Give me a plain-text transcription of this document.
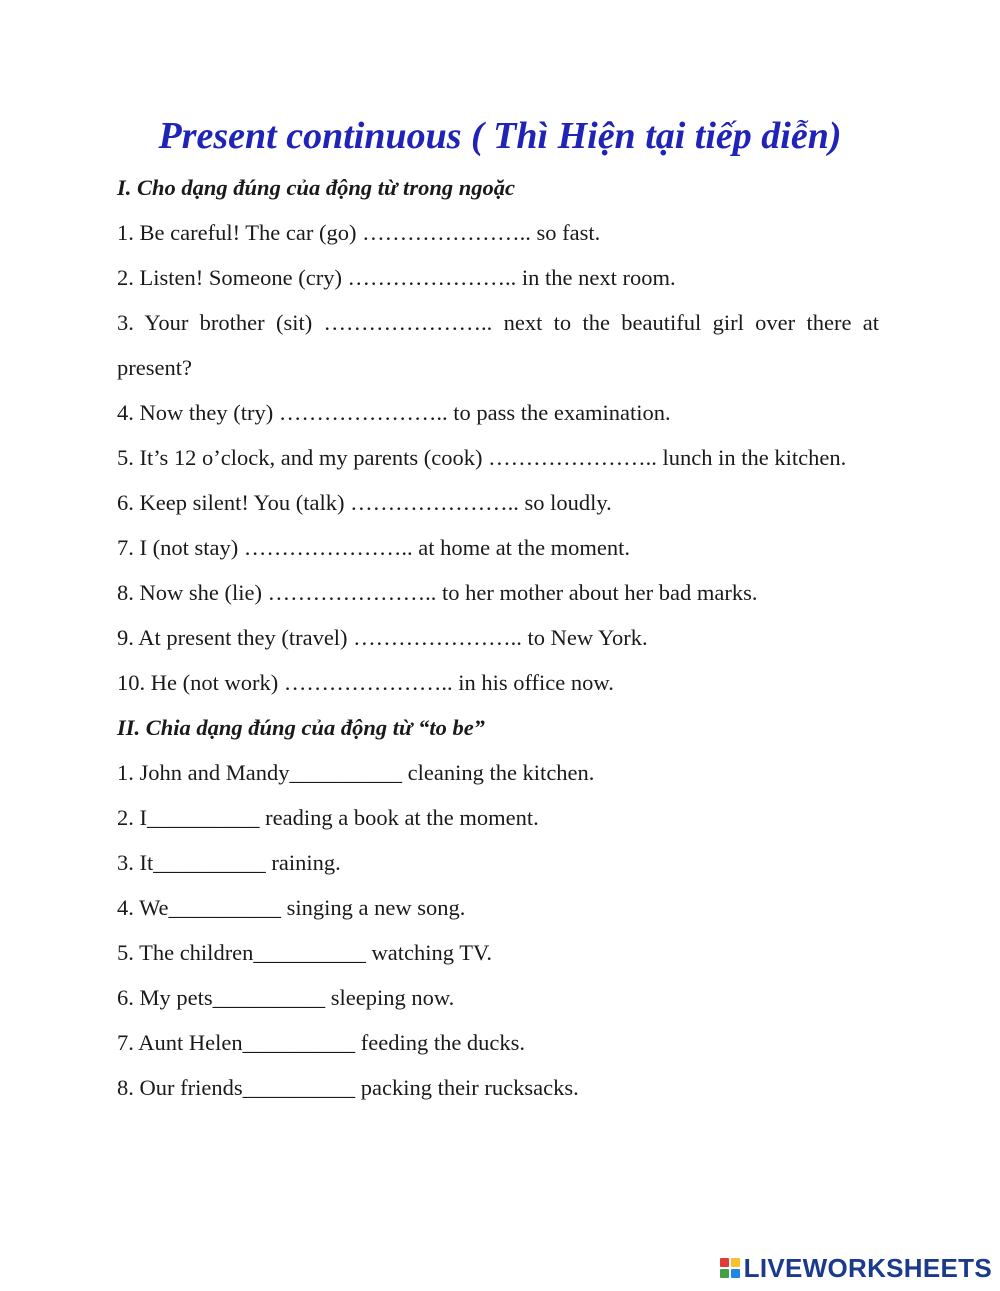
Present continuous ( Thì Hiện tại tiếp diễn)
I. Cho dạng đúng của động từ trong ngoặc
1. Be careful! The car (go) ………………….. so fast.
2. Listen! Someone (cry) ………………….. in the next room.
3. Your brother (sit) ………………….. next to the beautiful girl over there at present?
4. Now they (try) ………………….. to pass the examination.
5. It’s 12 o’clock, and my parents (cook) ………………….. lunch in the kitchen.
6. Keep silent! You (talk) ………………….. so loudly.
7. I (not stay) ………………….. at home at the moment.
8. Now she (lie) ………………….. to her mother about her bad marks.
9. At present they (travel) ………………….. to New York.
10. He (not work) ………………….. in his office now.
II. Chia dạng đúng của động từ “to be”
1. John and Mandy__________ cleaning the kitchen.
2. I__________ reading a book at the moment.
3. It__________ raining.
4. We__________ singing a new song.
5. The children__________ watching TV.
6. My pets__________ sleeping now.
7. Aunt Helen__________ feeding the ducks.
8. Our friends__________ packing their rucksacks.
LIVEWORKSHEETS
